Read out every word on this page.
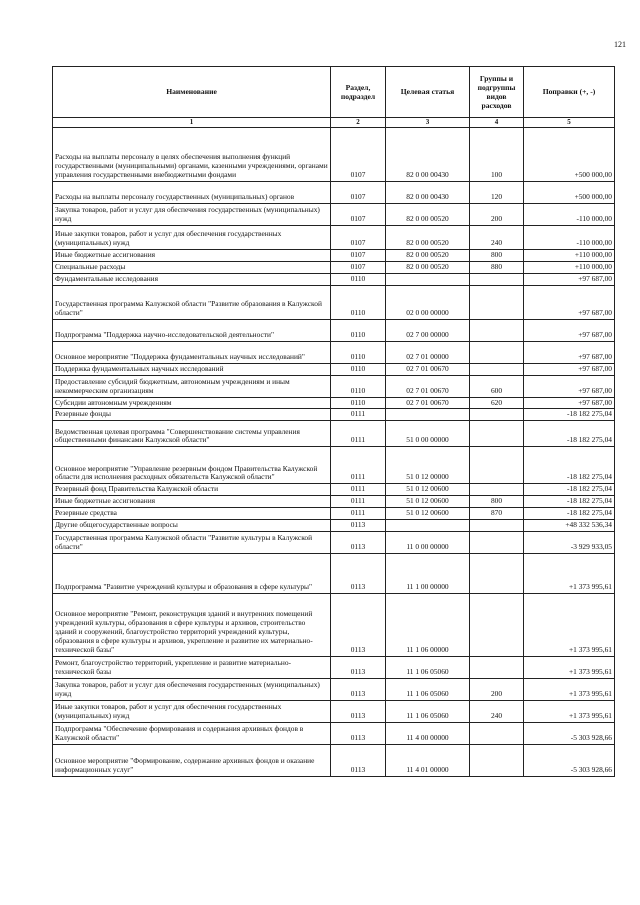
121
Наименование	Раздел, подраздел	Целевая статья	Группы и подгруппы видов расходов	Поправки (+, -)
1	2	3	4	5
Расходы на выплаты персоналу в целях обеспечения выполнения функций государственными (муниципальными) органами, казенными учреждениями, органами управления государственными внебюджетными фондами	0107	82 0 00 00430	100	+500 000,00
Расходы на выплаты персоналу государственных (муниципальных) органов	0107	82 0 00 00430	120	+500 000,00
Закупка товаров, работ и услуг для обеспечения государственных (муниципальных) нужд	0107	82 0 00 00520	200	-110 000,00
Иные закупки товаров, работ и услуг для обеспечения государственных (муниципальных) нужд	0107	82 0 00 00520	240	-110 000,00
Иные бюджетные ассигнования	0107	82 0 00 00520	800	+110 000,00
Специальные расходы	0107	82 0 00 00520	880	+110 000,00
Фундаментальные исследования	0110			+97 687,00
Государственная программа Калужской области "Развитие образования в Калужской области"	0110	02 0 00 00000		+97 687,00
Подпрограмма "Поддержка научно-исследовательской деятельности"	0110	02 7 00 00000		+97 687,00
Основное мероприятие "Поддержка фундаментальных научных исследований"	0110	02 7 01 00000		+97 687,00
Поддержка фундаментальных научных исследований	0110	02 7 01 00670		+97 687,00
Предоставление субсидий бюджетным, автономным учреждениям и иным некоммерческим организациям	0110	02 7 01 00670	600	+97 687,00
Субсидии автономным учреждениям	0110	02 7 01 00670	620	+97 687,00
Резервные фонды	0111			-18 182 275,04
Ведомственная целевая программа "Совершенствование системы управления общественными финансами Калужской области"	0111	51 0 00 00000		-18 182 275,04
Основное мероприятие "Управление резервным фондом Правительства Калужской области для исполнения расходных обязательств Калужской области"	0111	51 0 12 00000		-18 182 275,04
Резервный фонд Правительства Калужской области	0111	51 0 12 00600		-18 182 275,04
Иные бюджетные ассигнования	0111	51 0 12 00600	800	-18 182 275,04
Резервные средства	0111	51 0 12 00600	870	-18 182 275,04
Другие общегосударственные вопросы	0113			+48 332 536,34
Государственная программа Калужской области "Развитие культуры в Калужской области"	0113	11 0 00 00000		-3 929 933,05
Подпрограмма "Развитие учреждений культуры и образования в сфере культуры"	0113	11 1 00 00000		+1 373 995,61
Основное мероприятие "Ремонт, реконструкция зданий и внутренних помещений учреждений культуры, образования в сфере культуры и архивов, строительство зданий и сооружений, благоустройство территорий учреждений культуры, образования в сфере культуры и архивов, укрепление и развитие их материально-технической базы"	0113	11 1 06 00000		+1 373 995,61
Ремонт, благоустройство территорий, укрепление и развитие материально-технической базы	0113	11 1 06 05060		+1 373 995,61
Закупка товаров, работ и услуг для обеспечения государственных (муниципальных) нужд	0113	11 1 06 05060	200	+1 373 995,61
Иные закупки товаров, работ и услуг для обеспечения государственных (муниципальных) нужд	0113	11 1 06 05060	240	+1 373 995,61
Подпрограмма "Обеспечение формирования и содержания архивных фондов в Калужской области"	0113	11 4 00 00000		-5 303 928,66
Основное мероприятие "Формирование, содержание архивных фондов и оказание информационных услуг"	0113	11 4 01 00000		-5 303 928,66
